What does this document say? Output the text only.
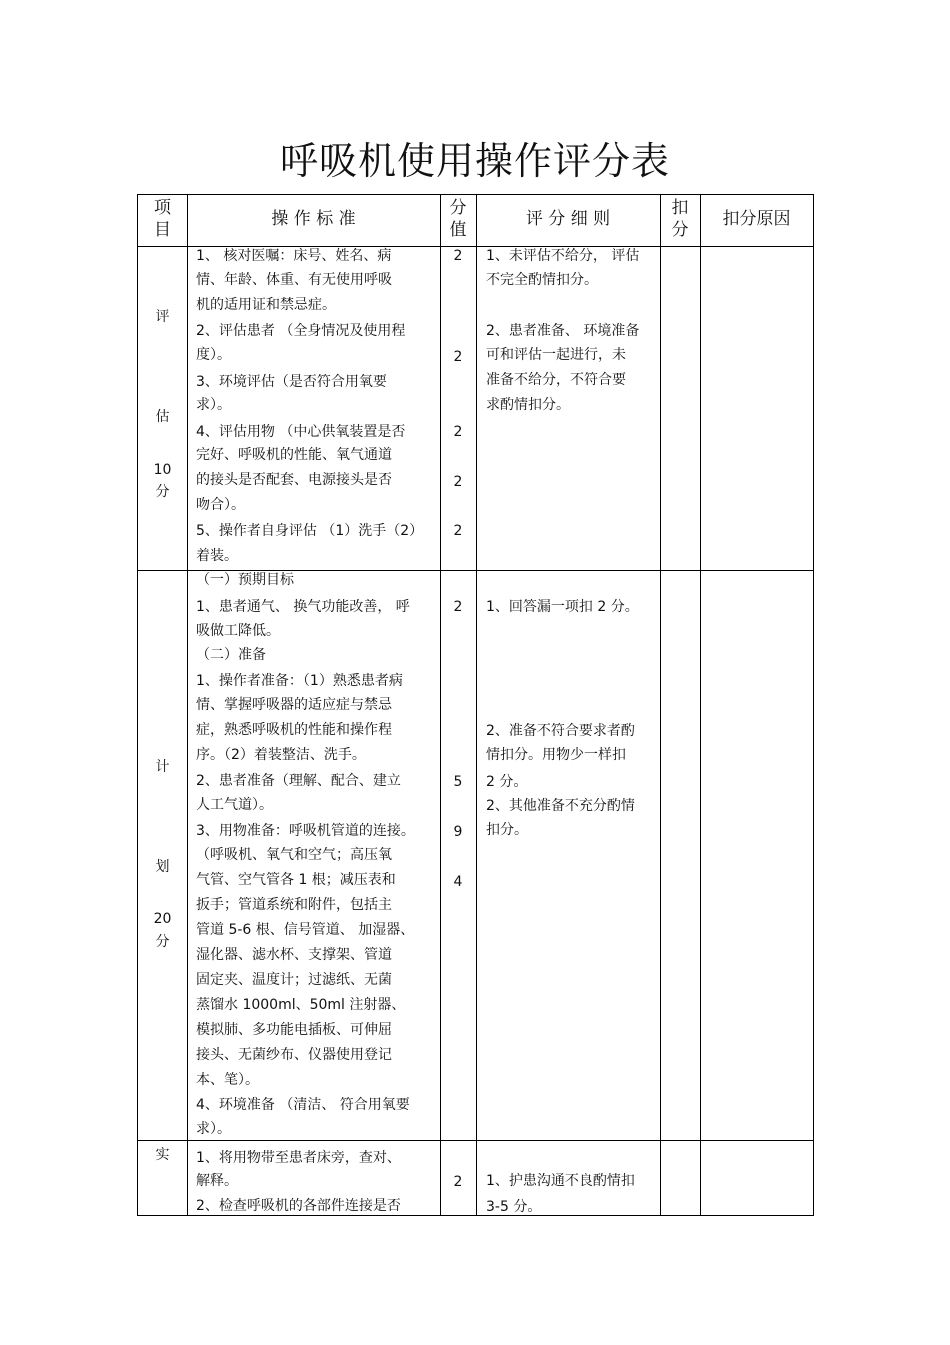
呼吸机使用操作评分表
项
目
操 作 标 准
分
值
评 分 细 则
扣
分
扣分原因
评
估
10
分
1、 核对医嘱：床号、姓名、病
情、年龄、体重、有无使用呼吸
机的适用证和禁忌症。
2、评估患者 （全身情况及使用程
度）。
3、环境评估（是否符合用氧要
求）。
4、评估用物 （中心供氧装置是否
完好、呼吸机的性能、氧气通道
的接头是否配套、电源接头是否
吻合）。
5、操作者自身评估 （1）洗手（2）
着装。
2
2
2
2
2
1、未评估不给分， 评估
不完全酌情扣分。
2、患者准备、 环境准备
可和评估一起进行，未
准备不给分，不符合要
求酌情扣分。
计
划
20
分
（一）预期目标
1、患者通气、 换气功能改善， 呼
吸做工降低。
（二）准备
1、操作者准备：（1）熟悉患者病
情、掌握呼吸器的适应症与禁忌
症，熟悉呼吸机的性能和操作程
序。（2）着装整洁、洗手。
2、患者准备（理解、配合、建立
人工气道）。
3、用物准备：呼吸机管道的连接。
（呼吸机、氧气和空气；高压氧
气管、空气管各 1 根；减压表和
扳手；管道系统和附件，包括主
管道 5-6 根、信号管道、 加湿器、
湿化器、滤水杯、支撑架、管道
固定夹、温度计；过滤纸、无菌
蒸馏水 1000ml、50ml 注射器、
模拟肺、多功能电插板、可伸屈
接头、无菌纱布、仪器使用登记
本、笔）。
4、环境准备 （清洁、 符合用氧要
求）。
2
5
9
4
1、回答漏一项扣 2 分。
2、准备不符合要求者酌
情扣分。用物少一样扣
2 分。
2、其他准备不充分酌情
扣分。
实	1、将用物带至患者床旁，查对、
解释。
2、检查呼吸机的各部件连接是否
2	1、护患沟通不良酌情扣
3-5 分。
